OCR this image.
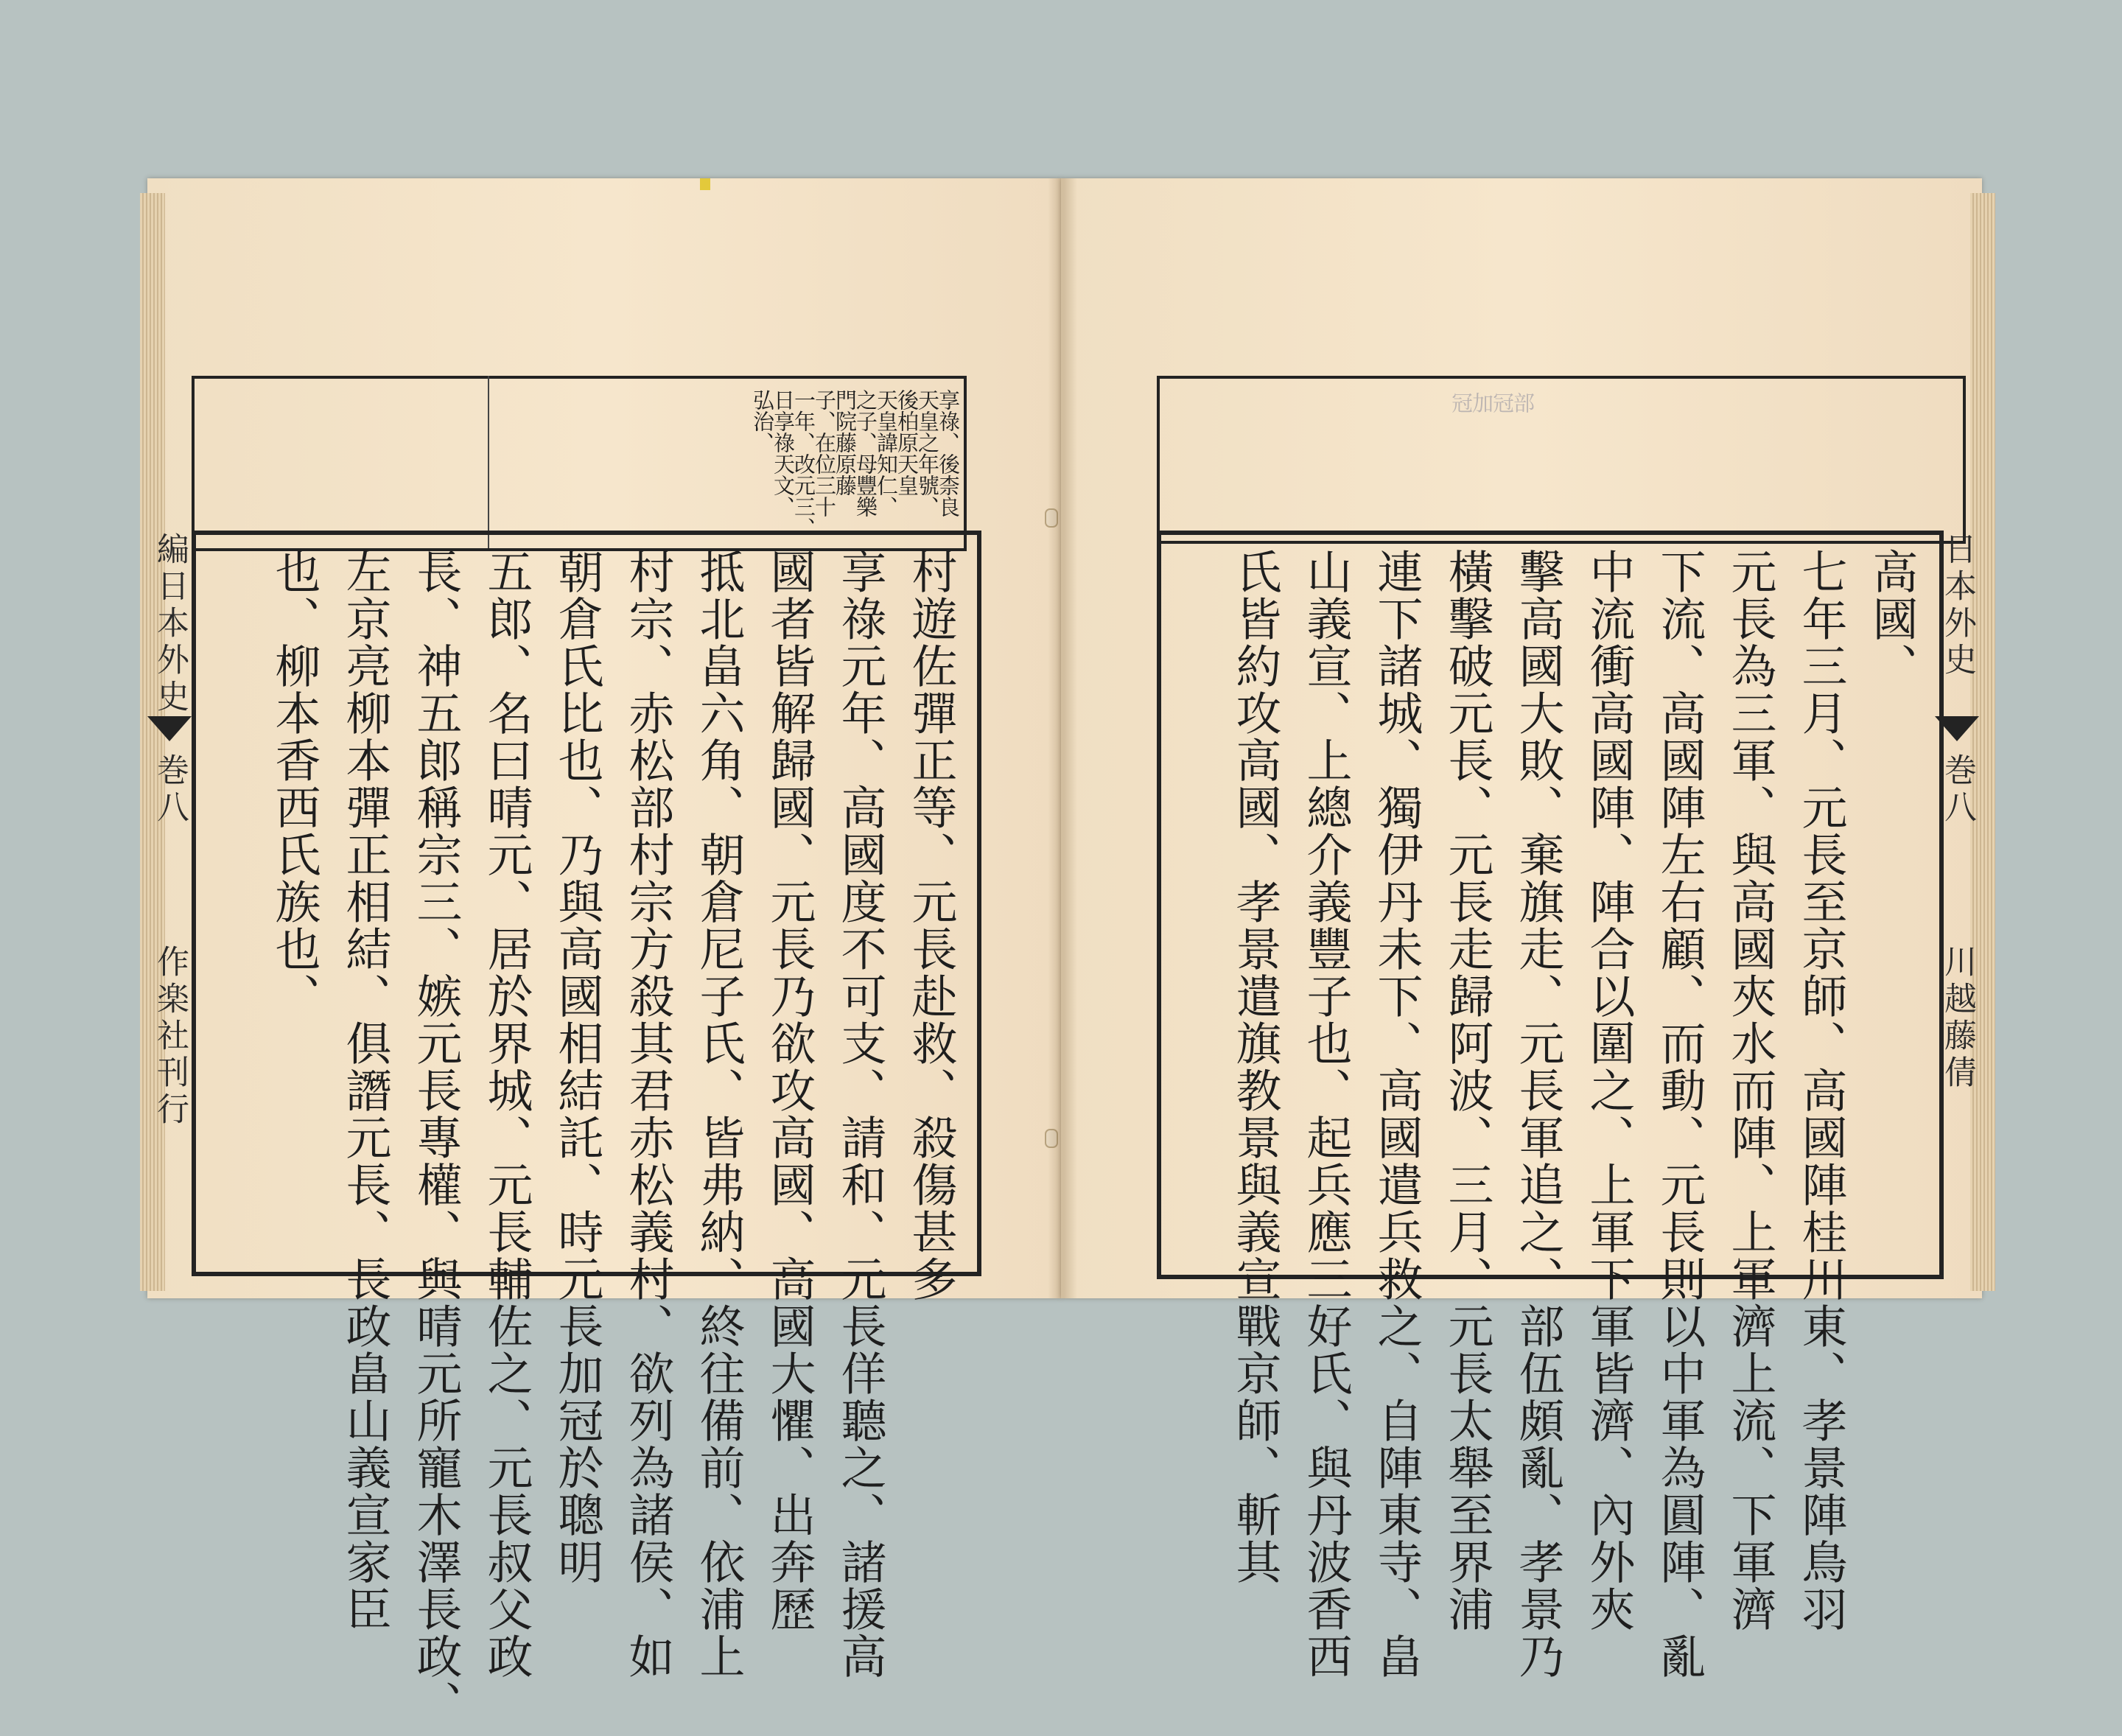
享祿、後柰良
天皇之年號、
後柏原天皇
天皇諱知仁、
之子、母豐樂
門院藤原藤
子、在位三十
一年、改元三、
日享祿天文、
弘治、
編日本外史
巻八
作楽社刊行	村遊佐彈正等、元長赴救、殺傷甚多
享祿元年、高國度不可支、請和、元長佯聽之、諸援高
國者皆解歸國、元長乃欲攻高國、高國大懼、出奔歷
抵北畠六角、朝倉尼子氏、皆弗納、終往備前、依浦上
村宗、赤松部村宗方殺其君赤松義村、欲列為諸侯、如
朝倉氏比也、乃與高國相結託、時元長加冠於聰明
五郎、名曰晴元、居於界城、元長輔佐之、元長叔父政
長、神五郎稱宗三、嫉元長專權、與晴元所寵木澤長政、
左京亮柳本彈正相結、俱譖元長、長政畠山義宣家臣
也、柳本香西氏族也、

部
冠
加
冠
日本外史
巻八
川越藤倩
高國、
七年三月、元長至京師、高國陣桂川東、孝景陣鳥羽
元長為三軍、與高國夾水而陣、上軍濟上流、下軍濟
下流、高國陣左右顧、而動、元長則以中軍為圓陣、亂
中流衝高國陣、陣合以圍之、上軍下軍皆濟、內外夾
擊高國大敗、棄旗走、元長軍追之、部伍頗亂、孝景乃
橫擊破元長、元長走歸阿波、三月、元長太舉至界浦
連下諸城、獨伊丹未下、高國遣兵救之、自陣東寺、畠
山義宣、上總介義豐子也、起兵應三好氏、與丹波香西
氏皆約攻高國、孝景遣旗教景與義宣戰京師、斬其
